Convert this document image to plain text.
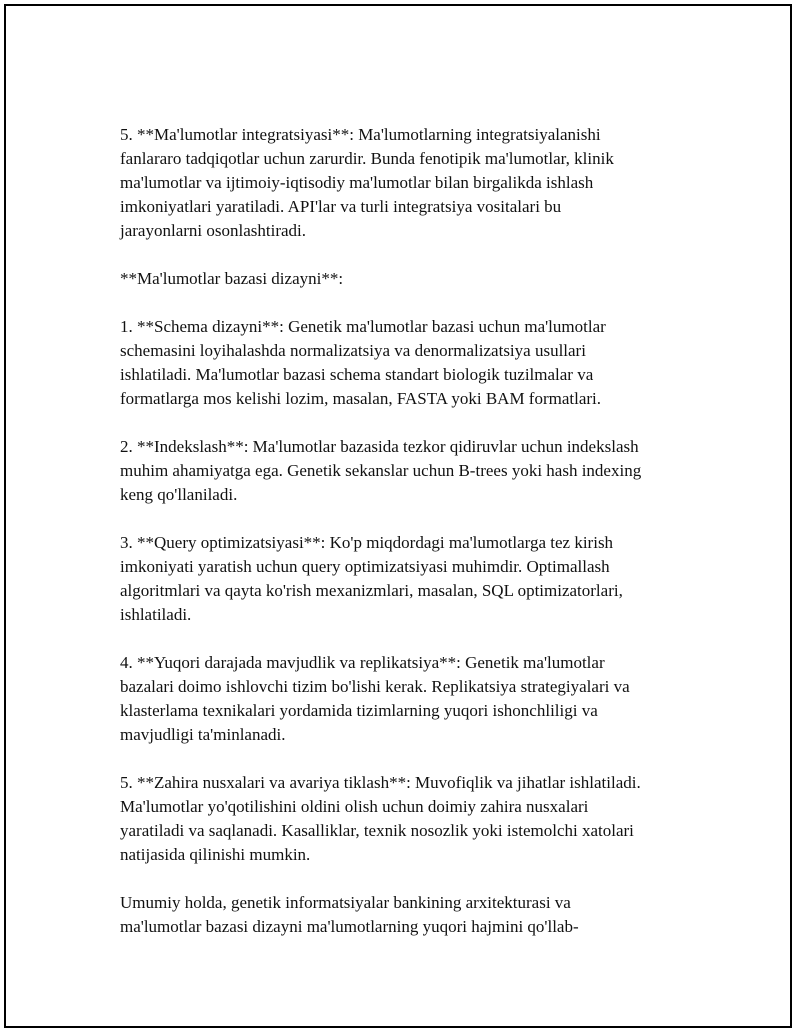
5. **Ma'lumotlar integratsiyasi**: Ma'lumotlarning integratsiyalanishi
fanlararo tadqiqotlar uchun zarurdir. Bunda fenotipik ma'lumotlar, klinik
ma'lumotlar va ijtimoiy-iqtisodiy ma'lumotlar bilan birgalikda ishlash
imkoniyatlari yaratiladi. API'lar va turli integratsiya vositalari bu
jarayonlarni osonlashtiradi.

**Ma'lumotlar bazasi dizayni**:

1. **Schema dizayni**: Genetik ma'lumotlar bazasi uchun ma'lumotlar
schemasini loyihalashda normalizatsiya va denormalizatsiya usullari
ishlatiladi. Ma'lumotlar bazasi schema standart biologik tuzilmalar va
formatlarga mos kelishi lozim, masalan, FASTA yoki BAM formatlari.

2. **Indekslash**: Ma'lumotlar bazasida tezkor qidiruvlar uchun indekslash
muhim ahamiyatga ega. Genetik sekanslar uchun B-trees yoki hash indexing
keng qo'llaniladi.

3. **Query optimizatsiyasi**: Ko'p miqdordagi ma'lumotlarga tez kirish
imkoniyati yaratish uchun query optimizatsiyasi muhimdir. Optimallash
algoritmlari va qayta ko'rish mexanizmlari, masalan, SQL optimizatorlari,
ishlatiladi.

4. **Yuqori darajada mavjudlik va replikatsiya**: Genetik ma'lumotlar
bazalari doimo ishlovchi tizim bo'lishi kerak. Replikatsiya strategiyalari va
klasterlama texnikalari yordamida tizimlarning yuqori ishonchliligi va
mavjudligi ta'minlanadi.

5. **Zahira nusxalari va avariya tiklash**: Muvofiqlik va jihatlar ishlatiladi.
Ma'lumotlar yo'qotilishini oldini olish uchun doimiy zahira nusxalari
yaratiladi va saqlanadi. Kasalliklar, texnik nosozlik yoki istemolchi xatolari
natijasida qilinishi mumkin.

Umumiy holda, genetik informatsiyalar bankining arxitekturasi va
ma'lumotlar bazasi dizayni ma'lumotlarning yuqori hajmini qo'llab-
